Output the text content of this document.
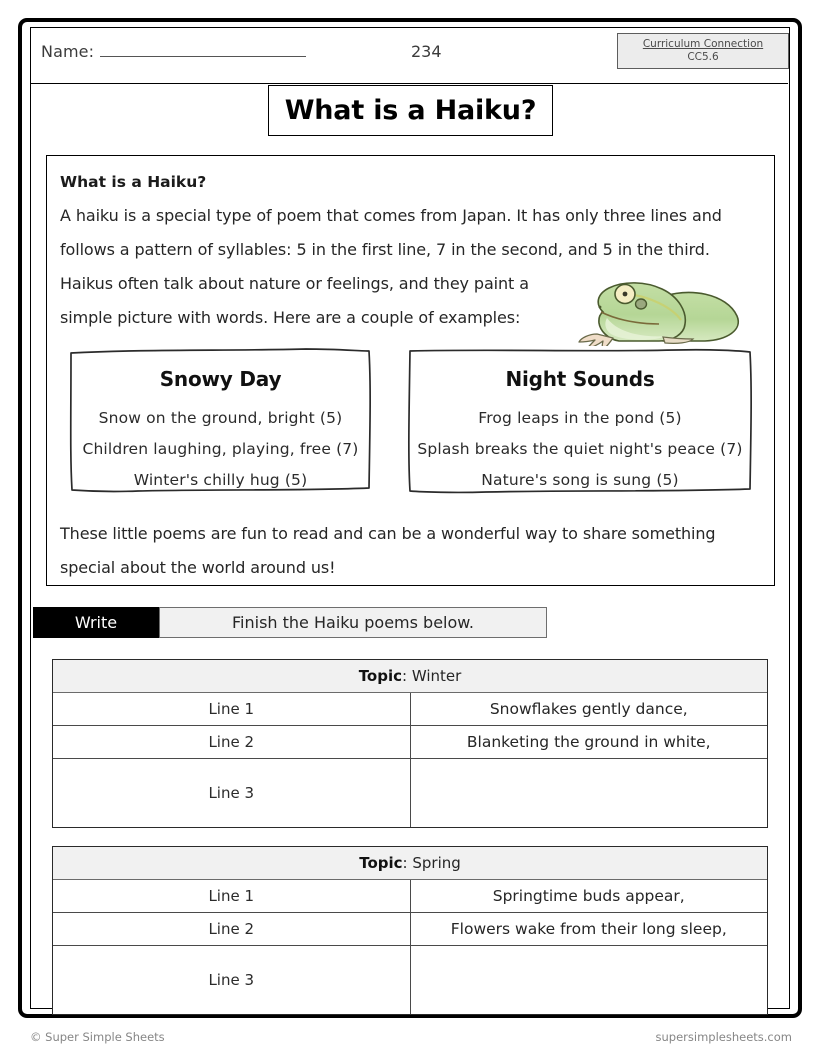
Name:	234	Curriculum Connection
CC5.6
What is a Haiku?
What is a Haiku?
A haiku is a special type of poem that comes from Japan. It has only three lines and
follows a pattern of syllables: 5 in the first line, 7 in the second, and 5 in the third.
Haikus often talk about nature or feelings, and they paint a
simple picture with words. Here are a couple of examples:
Snowy Day
Snow on the ground, bright (5)
Children laughing, playing, free (7)
Winter's chilly hug (5)
Night Sounds
Frog leaps in the pond (5)
Splash breaks the quiet night's peace (7)
Nature's song is sung (5)
These little poems are fun to read and can be a wonderful way to share something
special about the world around us!
Write	Finish the Haiku poems below.
Topic: Winter	
Line 1	Snowflakes gently dance,
Line 2	Blanketing the ground in white,
Line 3	
Topic: Spring	
Line 1	Springtime buds appear,
Line 2	Flowers wake from their long sleep,
Line 3	
© Super Simple Sheets	supersimplesheets.com
